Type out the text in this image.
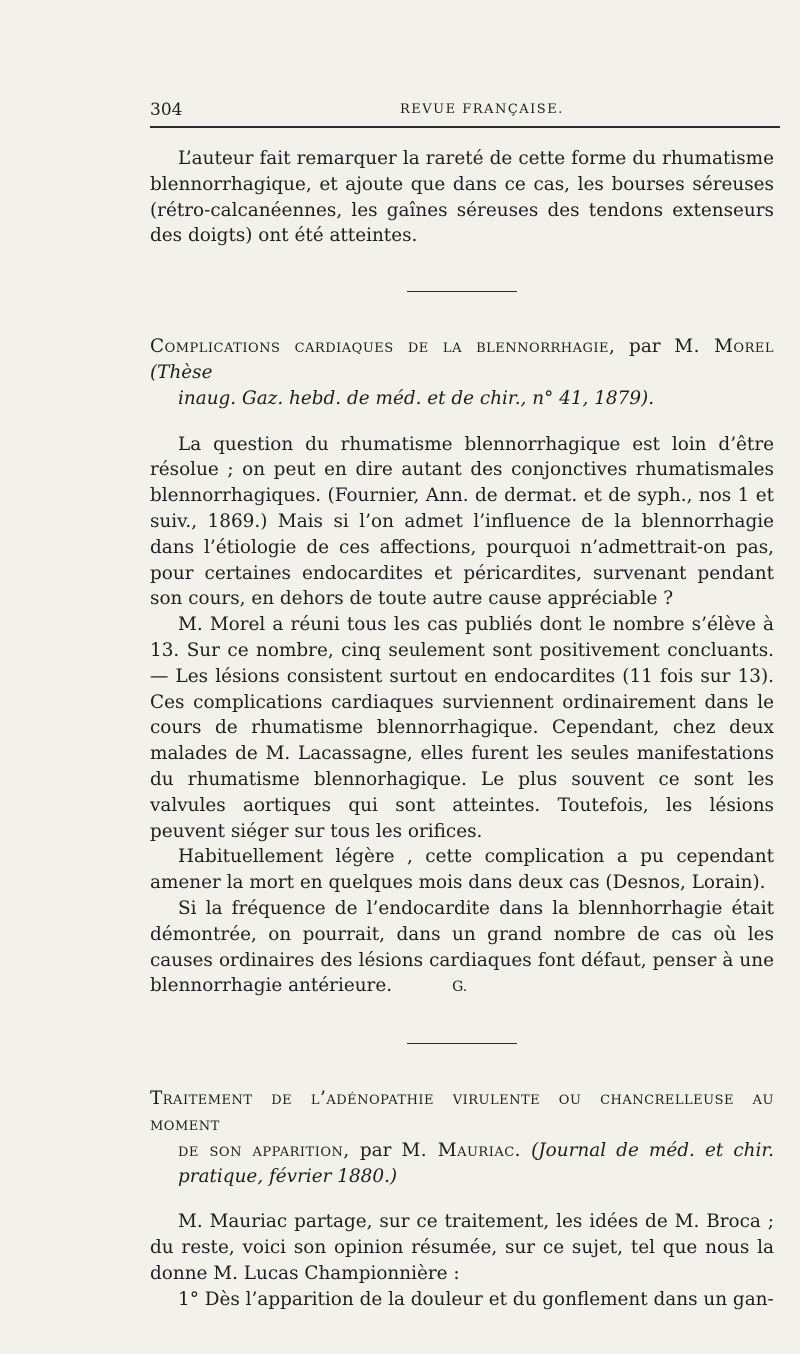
304	REVUE FRANÇAISE.

L’auteur fait remarquer la rareté de cette forme du rhumatisme blennorrhagique, et ajoute que dans ce cas, les bourses séreuses (rétro-calcanéennes, les gaînes séreuses des tendons extenseurs des doigts) ont été atteintes.

Complications cardiaques de la blennorrhagie, par M. Morel (Thèse
inaug. Gaz. hebd. de méd. et de chir., n° 41, 1879).

La question du rhumatisme blennorrhagique est loin d’être résolue ; on peut en dire autant des conjonctives rhumatismales blennorrhagiques. (Fournier, Ann. de dermat. et de syph., nos 1 et suiv., 1869.) Mais si l’on admet l’influence de la blennorrhagie dans l’étiologie de ces affections, pourquoi n’admettrait-on pas, pour certaines endocardites et péricardites, survenant pendant son cours, en dehors de toute autre cause appréciable ?

M. Morel a réuni tous les cas publiés dont le nombre s’élève à 13. Sur ce nombre, cinq seulement sont positivement concluants. — Les lésions consistent surtout en endocardites (11 fois sur 13). Ces complications cardiaques surviennent ordinairement dans le cours de rhumatisme blennorrhagique. Cependant, chez deux malades de M. Lacassagne, elles furent les seules manifestations du rhumatisme blennorhagique. Le plus souvent ce sont les valvules aortiques qui sont atteintes. Toutefois, les lésions peuvent siéger sur tous les orifices.

Habituellement légère , cette complication a pu cependant amener la mort en quelques mois dans deux cas (Desnos, Lorain).

Si la fréquence de l’endocardite dans la blennhorrhagie était démontrée, on pourrait, dans un grand nombre de cas où les causes ordinaires des lésions cardiaques font défaut, penser à une blennorrhagie antérieure.	G.

Traitement de l’adénopathie virulente ou chancrelleuse au moment
de son apparition, par M. Mauriac. (Journal de méd. et chir. pratique, février 1880.)

M. Mauriac partage, sur ce traitement, les idées de M. Broca ; du reste, voici son opinion résumée, sur ce sujet, tel que nous la donne M. Lucas Championnière :

1° Dès l’apparition de la douleur et du gonflement dans un gan-
